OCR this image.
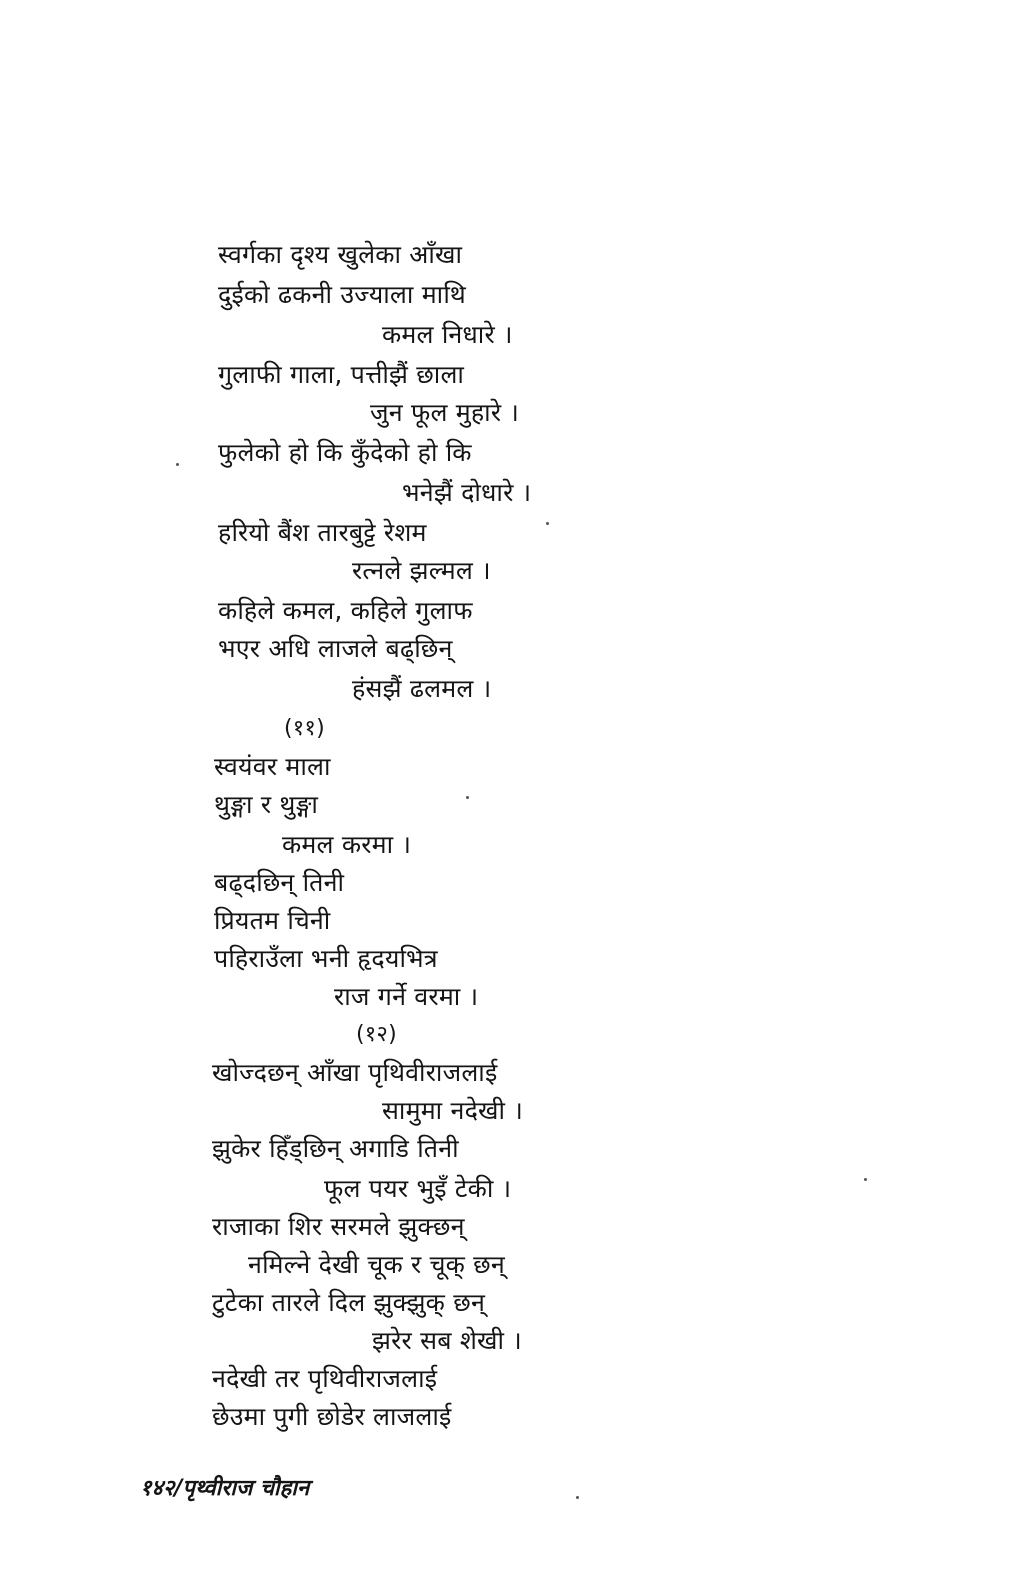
स्वर्गका दृश्य खुलेका आँखा
दुईको ढकनी उज्याला माथि
कमल निधारे ।
गुलाफी गाला, पत्तीझैं छाला
जुन फूल मुहारे ।
फुलेको हो कि कुँदेको हो कि
भनेझैं दोधारे ।
हरियो बैंश तारबुट्टे रेशम
रत्नले झल्मल ।
कहिले कमल, कहिले गुलाफ
भएर अधि लाजले बढ्छिन्
हंसझैं ढलमल ।
(११)
स्वयंवर माला
थुङ्गा र थुङ्गा
कमल करमा ।
बढ्दछिन् तिनी
प्रियतम चिनी
पहिराउँला भनी हृदयभित्र
राज गर्ने वरमा ।
(१२)
खोज्दछन् आँखा पृथिवीराजलाई
सामुमा नदेखी ।
झुकेर हिँड्छिन् अगाडि तिनी
फूल पयर भुइँ टेकी ।
राजाका शिर सरमले झुक्छन्
नमिल्ने देखी चूक र चूक् छन्
टुटेका तारले दिल झुक्झुक् छन्
झरेर सब शेखी ।
नदेखी तर पृथिवीराजलाई
छेउमा पुगी छोडेर लाजलाई
१४२/पृथ्वीराज चौहान
